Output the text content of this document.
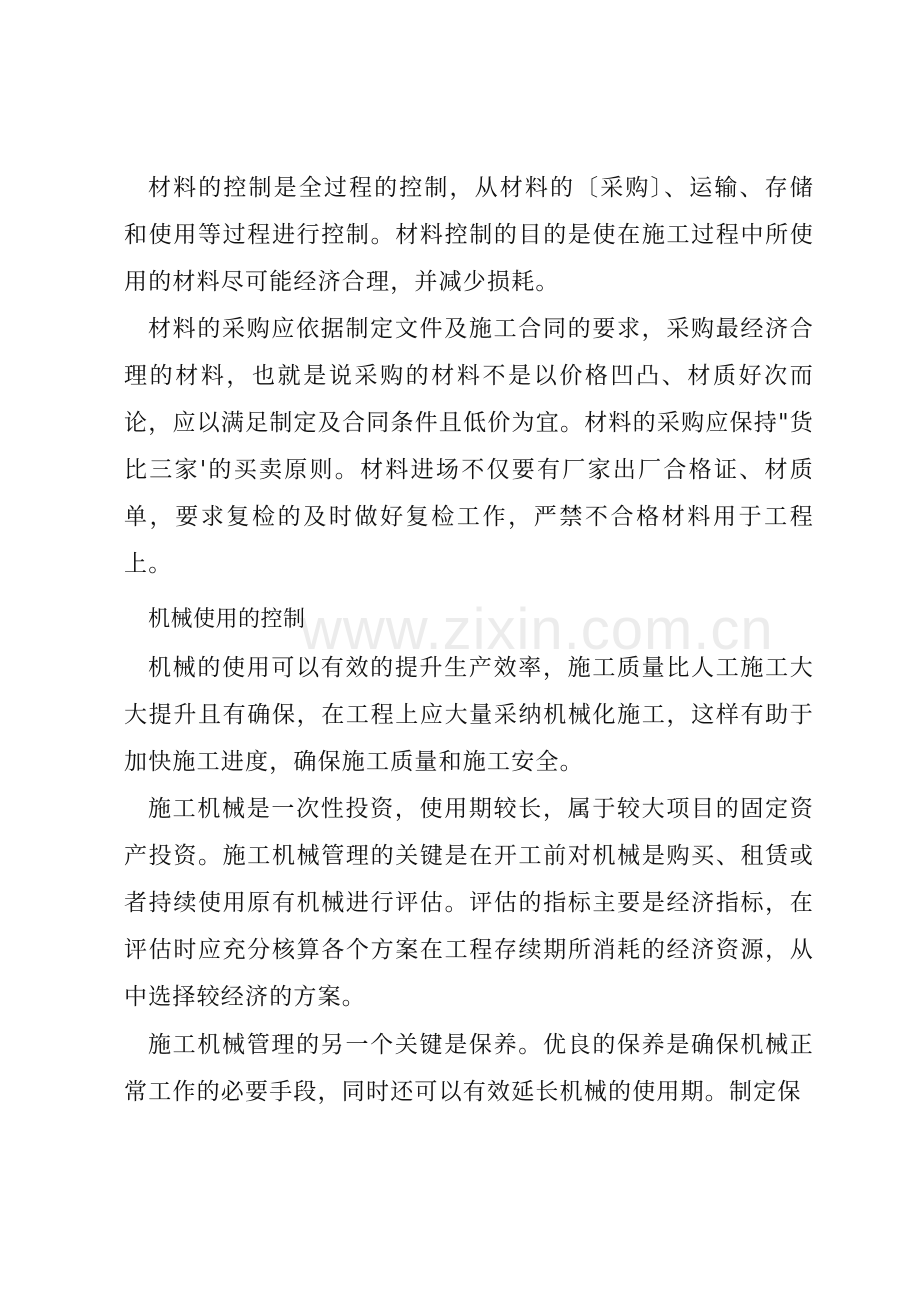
材料的控制是全过程的控制，从材料的〔采购〕、运输、存储和使用等过程进行控制。材料控制的目的是使在施工过程中所使用的材料尽可能经济合理，并减少损耗。

材料的采购应依据制定文件及施工合同的要求，采购最经济合理的材料，也就是说采购的材料不是以价格凹凸、材质好次而论，应以满足制定及合同条件且低价为宜。材料的采购应保持"货比三家'的买卖原则。材料进场不仅要有厂家出厂合格证、材质单，要求复检的及时做好复检工作，严禁不合格材料用于工程上。

www.zixin.com.cn
机械使用的控制

机械的使用可以有效的提升生产效率，施工质量比人工施工大大提升且有确保，在工程上应大量采纳机械化施工，这样有助于加快施工进度，确保施工质量和施工安全。

施工机械是一次性投资，使用期较长，属于较大项目的固定资产投资。施工机械管理的关键是在开工前对机械是购买、租赁或者持续使用原有机械进行评估。评估的指标主要是经济指标，在评估时应充分核算各个方案在工程存续期所消耗的经济资源，从中选择较经济的方案。

施工机械管理的另一个关键是保养。优良的保养是确保机械正常工作的必要手段，同时还可以有效延长机械的使用期。制定保
